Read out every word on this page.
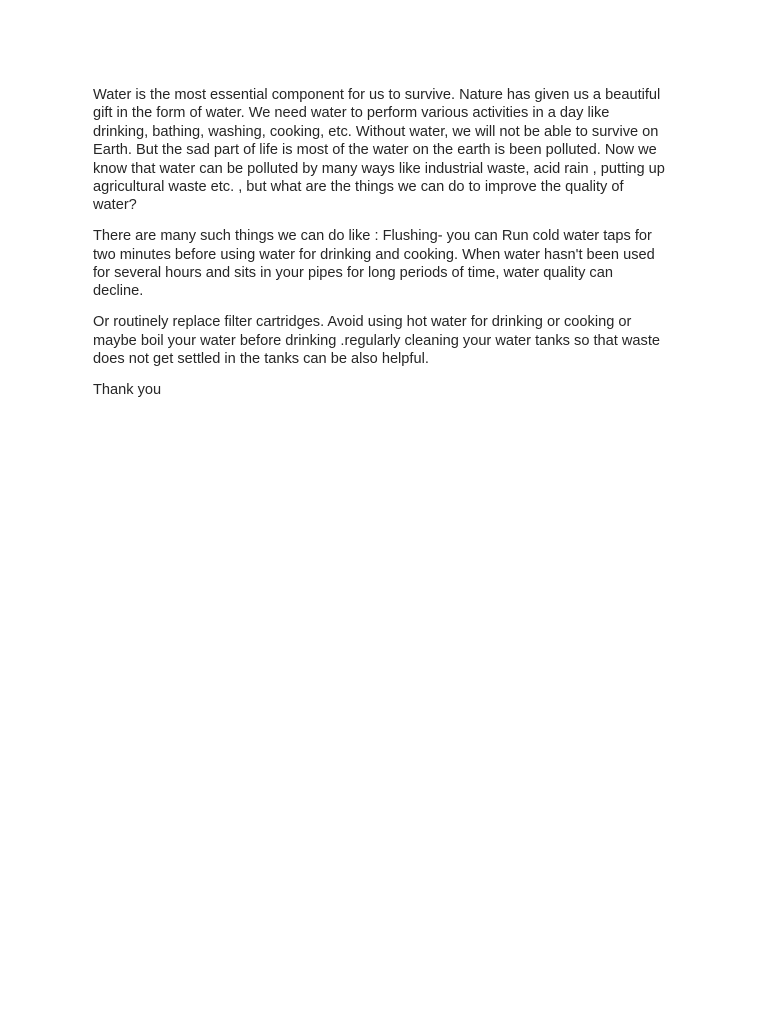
Water is the most essential component for us to survive. Nature has given us a beautiful
gift in the form of water. We need water to perform various activities in a day like
drinking, bathing, washing, cooking, etc. Without water, we will not be able to survive on
Earth. But the sad part of life is most of the water on the earth is been polluted. Now we
know that water can be polluted by many ways like industrial waste, acid rain , putting up
agricultural waste etc. , but what are the things we can do to improve the quality of
water?

There are many such things we can do like : Flushing- you can Run cold water taps for
two minutes before using water for drinking and cooking. When water hasn't been used
for several hours and sits in your pipes for long periods of time, water quality can
decline.

Or routinely replace filter cartridges. Avoid using hot water for drinking or cooking or
maybe boil your water before drinking .regularly cleaning your water tanks so that waste
does not get settled in the tanks can be also helpful.

Thank you
